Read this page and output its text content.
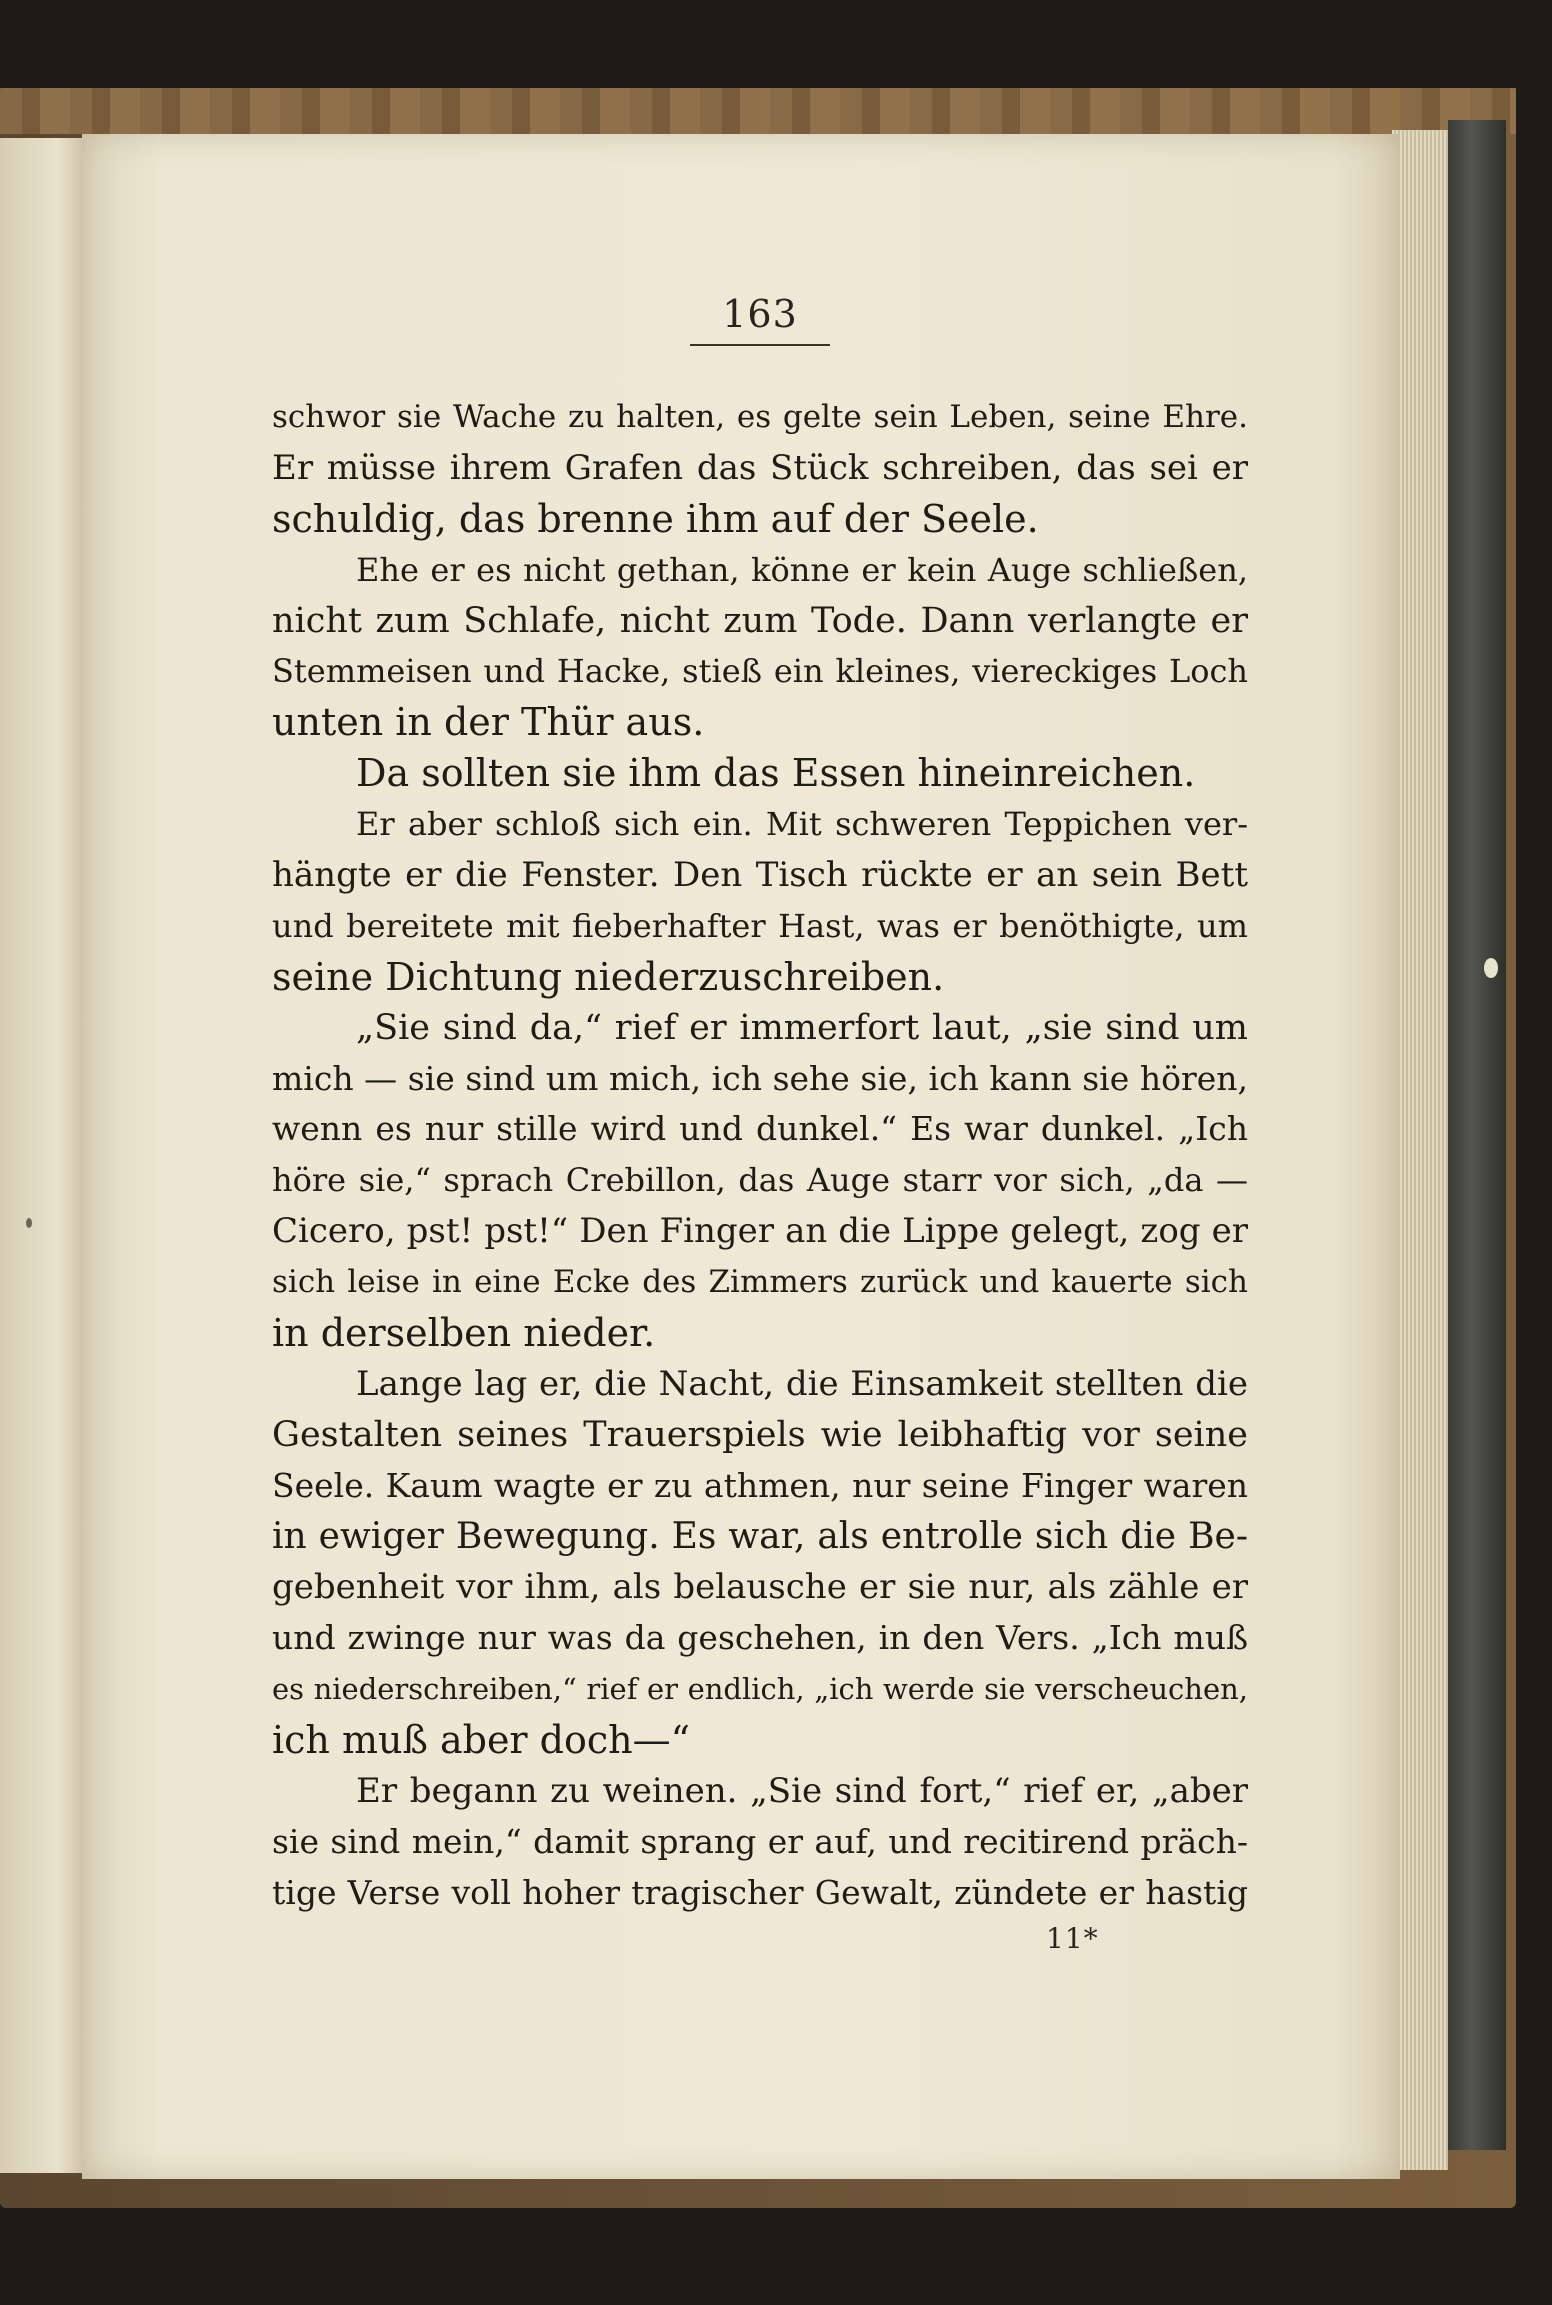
163
schwor sie Wache zu halten, es gelte sein Leben, seine Ehre.
Er müsse ihrem Grafen das Stück schreiben, das sei er
schuldig, das brenne ihm auf der Seele.
Ehe er es nicht gethan, könne er kein Auge schließen,
nicht zum Schlafe, nicht zum Tode. Dann verlangte er
Stemmeisen und Hacke, stieß ein kleines, viereckiges Loch
unten in der Thür aus.
Da sollten sie ihm das Essen hineinreichen.
Er aber schloß sich ein. Mit schweren Teppichen ver-
hängte er die Fenster. Den Tisch rückte er an sein Bett
und bereitete mit fieberhafter Hast, was er benöthigte, um
seine Dichtung niederzuschreiben.
„Sie sind da,“ rief er immerfort laut, „sie sind um
mich — sie sind um mich, ich sehe sie, ich kann sie hören,
wenn es nur stille wird und dunkel.“ Es war dunkel. „Ich
höre sie,“ sprach Crebillon, das Auge starr vor sich, „da —
Cicero, pst! pst!“ Den Finger an die Lippe gelegt, zog er
sich leise in eine Ecke des Zimmers zurück und kauerte sich
in derselben nieder.
Lange lag er, die Nacht, die Einsamkeit stellten die
Gestalten seines Trauerspiels wie leibhaftig vor seine
Seele. Kaum wagte er zu athmen, nur seine Finger waren
in ewiger Bewegung. Es war, als entrolle sich die Be-
gebenheit vor ihm, als belausche er sie nur, als zähle er
und zwinge nur was da geschehen, in den Vers. „Ich muß
es niederschreiben,“ rief er endlich, „ich werde sie verscheuchen,
ich muß aber doch—“
Er begann zu weinen. „Sie sind fort,“ rief er, „aber
sie sind mein,“ damit sprang er auf, und recitirend präch-
tige Verse voll hoher tragischer Gewalt, zündete er hastig
11*
